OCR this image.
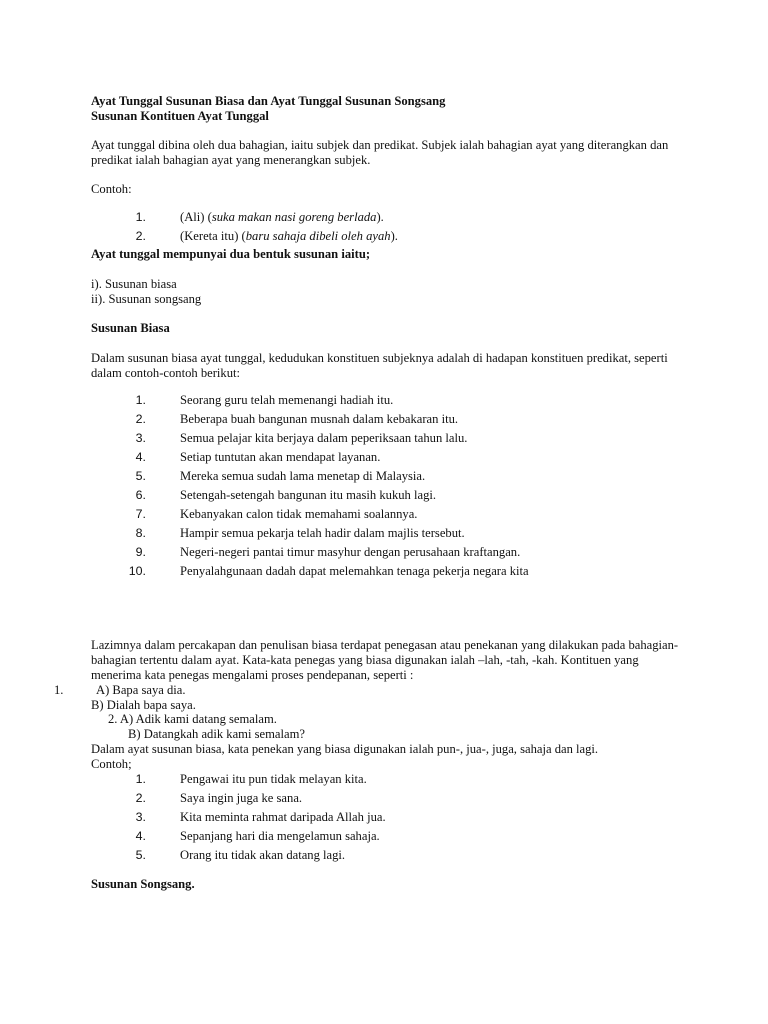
Ayat Tunggal Susunan Biasa dan Ayat Tunggal Susunan Songsang
Susunan Kontituen Ayat Tunggal
Ayat tunggal dibina oleh dua bahagian, iaitu subjek dan predikat. Subjek ialah bahagian ayat yang diterangkan dan
predikat ialah bahagian ayat yang menerangkan subjek.
Contoh:
1.	(Ali) (suka makan nasi goreng berlada).
2.	(Kereta itu) (baru sahaja dibeli oleh ayah).
Ayat tunggal mempunyai dua bentuk susunan iaitu;
i). Susunan biasa
ii). Susunan songsang
Susunan Biasa
Dalam susunan biasa ayat tunggal, kedudukan konstituen subjeknya adalah di hadapan konstituen predikat, seperti
dalam contoh-contoh berikut:
1.	Seorang guru telah memenangi hadiah itu.
2.	Beberapa buah bangunan musnah dalam kebakaran itu.
3.	Semua pelajar kita berjaya dalam peperiksaan tahun lalu.
4.	Setiap tuntutan akan mendapat layanan.
5.	Mereka semua sudah lama menetap di Malaysia.
6.	Setengah-setengah bangunan itu masih kukuh lagi.
7.	Kebanyakan calon tidak memahami soalannya.
8.	Hampir semua pekarja telah hadir dalam majlis tersebut.
9.	Negeri-negeri pantai timur masyhur dengan perusahaan kraftangan.
10.	Penyalahgunaan dadah dapat melemahkan tenaga pekerja negara kita
Lazimnya dalam percakapan dan penulisan biasa terdapat penegasan atau penekanan yang dilakukan pada bahagian-
bahagian tertentu dalam ayat. Kata-kata penegas yang biasa digunakan ialah –lah, -tah, -kah. Kontituen yang
menerima kata penegas mengalami proses pendepanan, seperti :
1.	A) Bapa saya dia.
B) Dialah bapa saya.
2. A) Adik kami datang semalam.
B) Datangkah adik kami semalam?
Dalam ayat susunan biasa, kata penekan yang biasa digunakan ialah pun-, jua-, juga, sahaja dan lagi.
Contoh;
1.	Pengawai itu pun tidak melayan kita.
2.	Saya ingin juga ke sana.
3.	Kita meminta rahmat daripada Allah jua.
4.	Sepanjang hari dia mengelamun sahaja.
5.	Orang itu tidak akan datang lagi.
Susunan Songsang.
